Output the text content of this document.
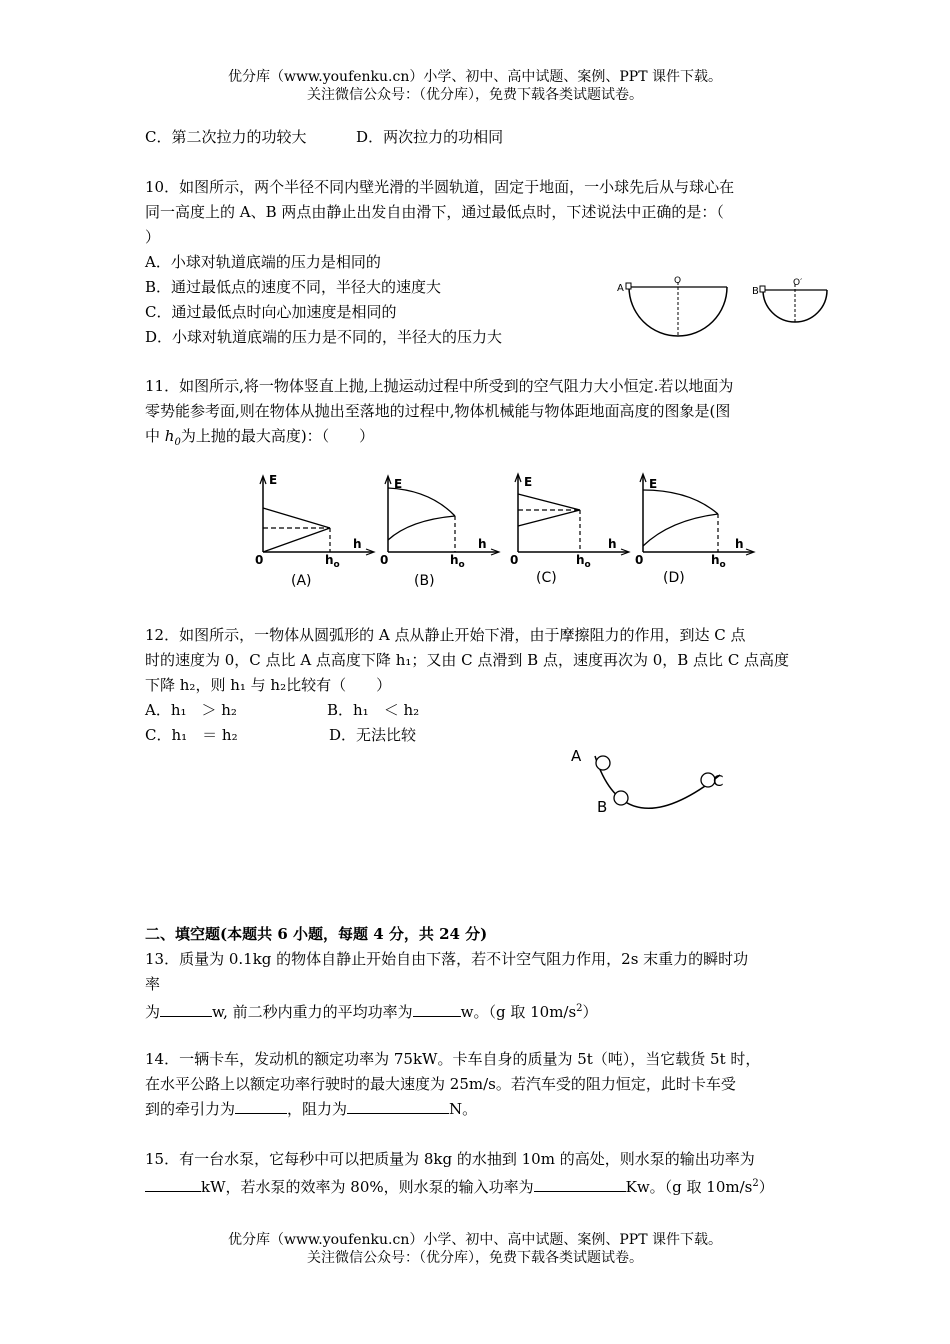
优分库（www.youfenku.cn）小学、初中、高中试题、案例、PPT 课件下载。
关注微信公众号：（优分库），免费下载各类试题试卷。
C．第二次拉力的功较大	D．两次拉力的功相同
10．如图所示，两个半径不同内壁光滑的半圆轨道，固定于地面，一小球先后从与球心在
同一高度上的 A、B 两点由静止出发自由滑下，通过最低点时，下述说法中正确的是：（
）
A．小球对轨道底端的压力是相同的
B．通过最低点的速度不同，半径大的速度大
C．通过最低点时向心加速度是相同的
D．小球对轨道底端的压力是不同的，半径大的压力大
A
O
B
O′
11．如图所示,将一物体竖直上抛,上抛运动过程中所受到的空气阻力大小恒定.若以地面为
零势能参考面,则在物体从抛出至落地的过程中,物体机械能与物体距地面高度的图象是(图
中 $h_0$为上抛的最大高度)：（　　）
E
h
0	$h_o$
(A)
E
h
0	$h_o$
(B)
E
h
0	$h_o$
(C)
E
h
0	$h_o$
(D)
12．如图所示，一物体从圆弧形的 A 点从静止开始下滑，由于摩擦阻力的作用，到达 C 点
时的速度为 0，C 点比 A 点高度下降 h₁；又由 C 点滑到 B 点，速度再次为 0，B 点比 C 点高度
下降 h₂，则 h₁ 与 h₂比较有（　　）
A．h₁　＞ h₂	B．h₁　＜ h₂
C．h₁　＝ h₂	D．无法比较
A
B
C
二、填空题(本题共 6 小题，每题 4 分，共 24 分)
13．质量为 0.1kg 的物体自静止开始自由下落，若不计空气阻力作用，2s 末重力的瞬时功
率
为	w, 前二秒内重力的平均功率为	w。（g 取 $10m/s^2$）
14．一辆卡车，发动机的额定功率为 75kW。卡车自身的质量为 5t（吨），当它载货 5t 时，
在水平公路上以额定功率行驶时的最大速度为 25m/s。若汽车受的阻力恒定，此时卡车受
到的牵引力为	，阻力为	N。
15．有一台水泵，它每秒中可以把质量为 8kg 的水抽到 10m 的高处，则水泵的输出功率为
kW，若水泵的效率为 80%，则水泵的输入功率为	Kw。（g 取 $10m/s^2$）
优分库（www.youfenku.cn）小学、初中、高中试题、案例、PPT 课件下载。
关注微信公众号：（优分库），免费下载各类试题试卷。
